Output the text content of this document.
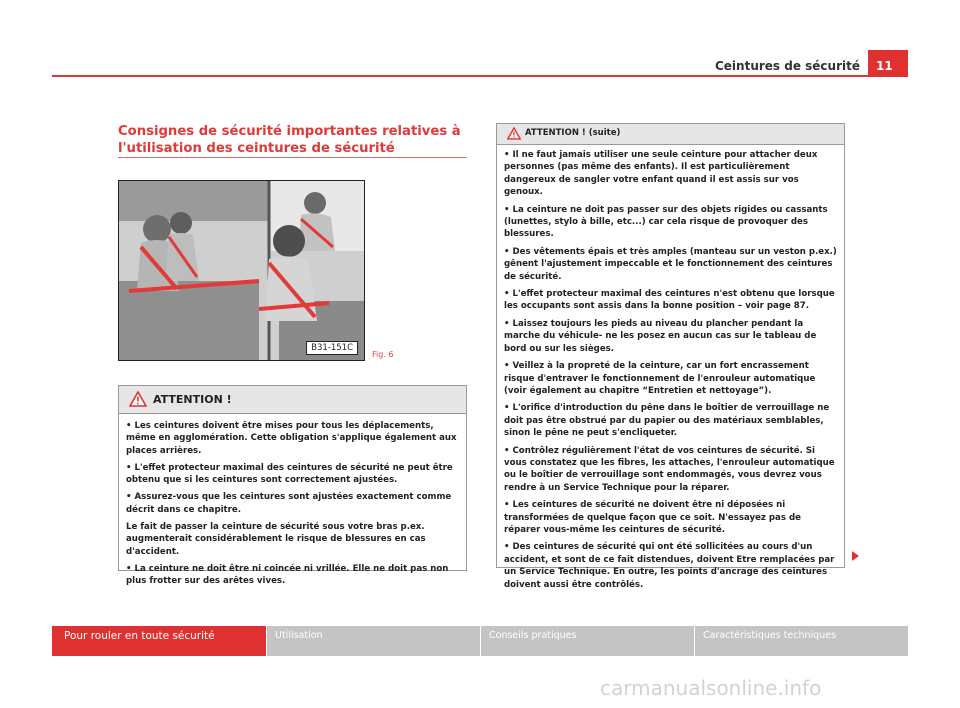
Ceintures de sécurité	11
Consignes de sécurité importantes relatives à l'utilisation des ceintures de sécurité
B31-151C
Fig. 6
ATTENTION !

• Les ceintures doivent être mises pour tous les déplacements, même en agglomération. Cette obligation s'applique également aux places arrières.

• L'effet protecteur maximal des ceintures de sécurité ne peut être obtenu que si les ceintures sont correctement ajustées.

• Assurez-vous que les ceintures sont ajustées exactement comme décrit dans ce chapitre.

Le fait de passer la ceinture de sécurité sous votre bras p.ex. augmenterait considérablement le risque de blessures en cas d'accident.

• La ceinture ne doit être ni coincée ni vrillée. Elle ne doit pas non plus frotter sur des arêtes vives.

ATTENTION ! (suite)

• Il ne faut jamais utiliser une seule ceinture pour attacher deux personnes (pas même des enfants). Il est particulièrement dangereux de sangler votre enfant quand il est assis sur vos genoux.

• La ceinture ne doit pas passer sur des objets rigides ou cassants (lunettes, stylo à bille, etc...) car cela risque de provoquer des blessures.

• Des vêtements épais et très amples (manteau sur un veston p.ex.) gênent l'ajustement impeccable et le fonctionnement des ceintures de sécurité.

• L'effet protecteur maximal des ceintures n'est obtenu que lorsque les occupants sont assis dans la bonne position – voir page 87.

• Laissez toujours les pieds au niveau du plancher pendant la marche du véhicule- ne les posez en aucun cas sur le tableau de bord ou sur les sièges.

• Veillez à la propreté de la ceinture, car un fort encrassement risque d'entraver le fonctionnement de l'enrouleur automatique (voir également au chapitre “Entretien et nettoyage”).

• L'orifice d'introduction du pêne dans le boîtier de verrouillage ne doit pas être obstrué par du papier ou des matériaux semblables, sinon le pêne ne peut s'encliqueter.

• Contrôlez régulièrement l'état de vos ceintures de sécurité. Si vous constatez que les fibres, les attaches, l'enrouleur automatique ou le boîtier de verrouillage sont endommagés, vous devrez vous rendre à un Service Technique pour la réparer.

• Les ceintures de sécurité ne doivent être ni déposées ni transformées de quelque façon que ce soit. N'essayez pas de réparer vous-même les ceintures de sécurité.

• Des ceintures de sécurité qui ont été sollicitées au cours d'un accident, et sont de ce fait distendues, doivent Etre remplacées par un Service Technique. En outre, les points d'ancrage des ceintures doivent aussi être contrôlés.

Pour rouler en toute sécurité	Utilisation	Conseils pratiques	Caractéristiques techniques
carmanualsonline.info
